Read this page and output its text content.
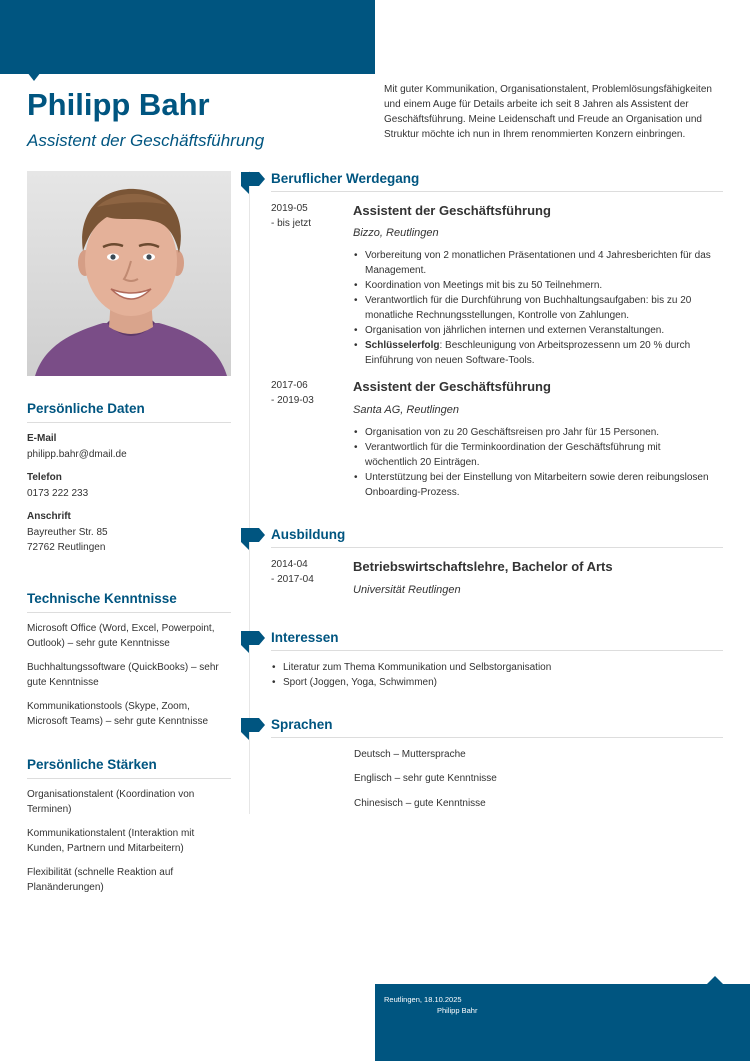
Philipp Bahr
Assistent der Geschäftsführung

Mit guter Kommunikation, Organisationstalent, Problemlösungsfähigkeiten und einem Auge für Details arbeite ich seit 8 Jahren als Assistent der Geschäftsführung. Meine Leidenschaft und Freude an Organisation und Struktur möchte ich nun in Ihrem renommierten Konzern einbringen.

Persönliche Daten
E-Mail
philipp.bahr@dmail.de
Telefon
0173 222 233
Anschrift
Bayreuther Str. 85
72762 Reutlingen
Technische Kenntnisse
Microsoft Office (Word, Excel, Powerpoint, Outlook) – sehr gute Kenntnisse
Buchhaltungssoftware (QuickBooks) – sehr gute Kenntnisse
Kommunikationstools (Skype, Zoom, Microsoft Teams) – sehr gute Kenntnisse
Persönliche Stärken
Organisationstalent (Koordination von Terminen)
Kommunikationstalent (Interaktion mit Kunden, Partnern und Mitarbeitern)
Flexibilität (schnelle Reaktion auf Planänderungen)
Beruflicher Werdegang
2019-05
- bis jetzt
Assistent der Geschäftsführung
Bizzo, Reutlingen
• Vorbereitung von 2 monatlichen Präsentationen und 4 Jahresberichten für das Management.
• Koordination von Meetings mit bis zu 50 Teilnehmern.
• Verantwortlich für die Durchführung von Buchhaltungsaufgaben: bis zu 20 monatliche Rechnungsstellungen, Kontrolle von Zahlungen.
• Organisation von jährlichen internen und externen Veranstaltungen.
• Schlüsselerfolg: Beschleunigung von Arbeitsprozessenn um 20 % durch Einführung von neuen Software-Tools.
2017-06
- 2019-03
Assistent der Geschäftsführung
Santa AG, Reutlingen
• Organisation von zu 20 Geschäftsreisen pro Jahr für 15 Personen.
• Verantwortlich für die Terminkoordination der Geschäftsführung mit wöchentlich 20 Einträgen.
• Unterstützung bei der Einstellung von Mitarbeitern sowie deren reibungslosen Onboarding-Prozess.
Ausbildung
2014-04
- 2017-04
Betriebswirtschaftslehre, Bachelor of Arts
Universität Reutlingen
Interessen
• Literatur zum Thema Kommunikation und Selbstorganisation
• Sport (Joggen, Yoga, Schwimmen)
Sprachen
Deutsch – Muttersprache
Englisch – sehr gute Kenntnisse
Chinesisch – gute Kenntnisse
Reutlingen, 18.10.2025
Philipp Bahr
